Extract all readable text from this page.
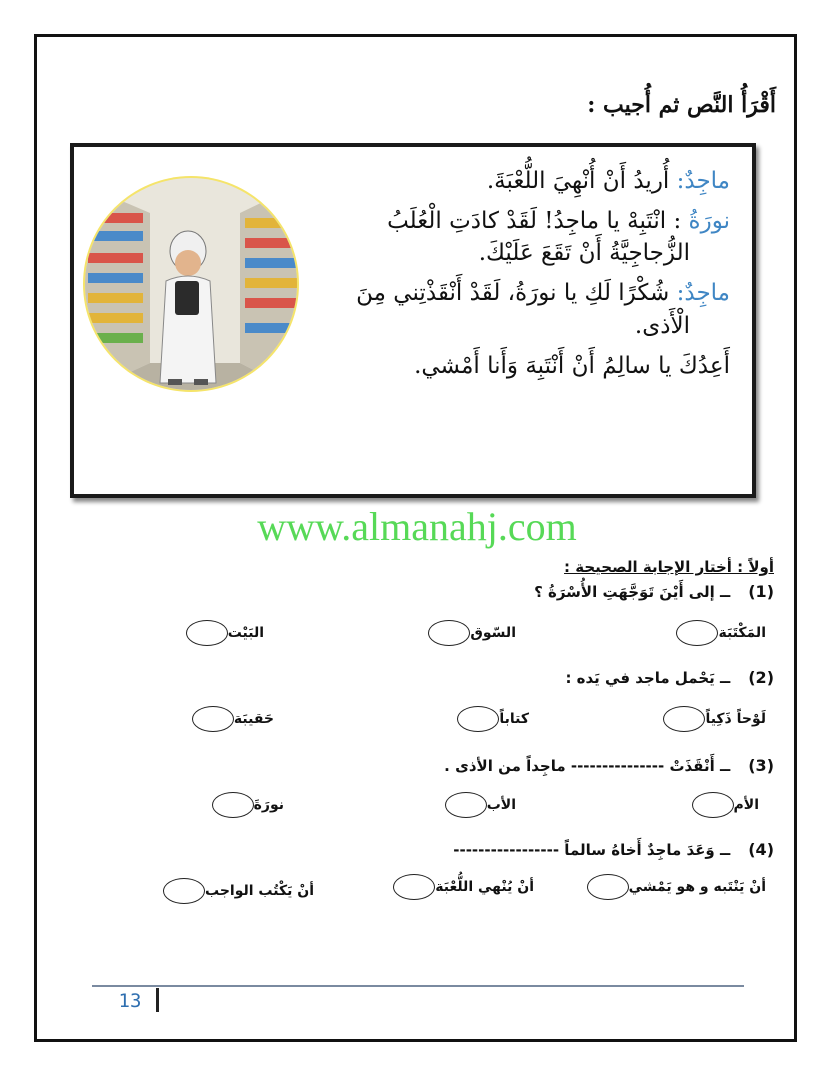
أَقْرَأُ النَّص ثم أُجيب :
ماجِدٌ: أُريدُ أَنْ أُنْهِيَ اللُّعْبَةَ.
نورَةُ : انْتَبِهْ يا ماجِدُ! لَقَدْ كادَتِ الْعُلَبُ
الزُّجاجِيَّةُ أَنْ تَقَعَ عَلَيْكَ.
ماجِدٌ: شُكْرًا لَكِ يا نورَةُ، لَقَدْ أَنْقَذْتِني مِنَ
الْأَذى.
أَعِدُكَ يا سالِمُ أَنْ أَنْتَبِهَ وَأَنا أَمْشي.
www.almanahj.com
أولاً : أختار الإجابة الصحيحة :
(1)ــ إلى أَيْنَ تَوَجَّهَتِ الأُسْرَةُ ؟
المَكْتَبَة
السّوق
البَيْت
(2)ــ يَحْمل ماجد في يَده :
لَوْحاً ذَكِياً
كتاباً
حَقيبَة
(3)ــ أَنْقَذَتْ --------------- ماجِداً من الأذى .
الأم
الأب
نورَةَ
(4)ــ وَعَدَ ماجِدٌ أَخاهُ سالماً -----------------
أنْ يَنْتَبه و هو يَمْشي
أنْ يُنْهي اللُّعْبَة
أنْ يَكْتُب الواجب
13
